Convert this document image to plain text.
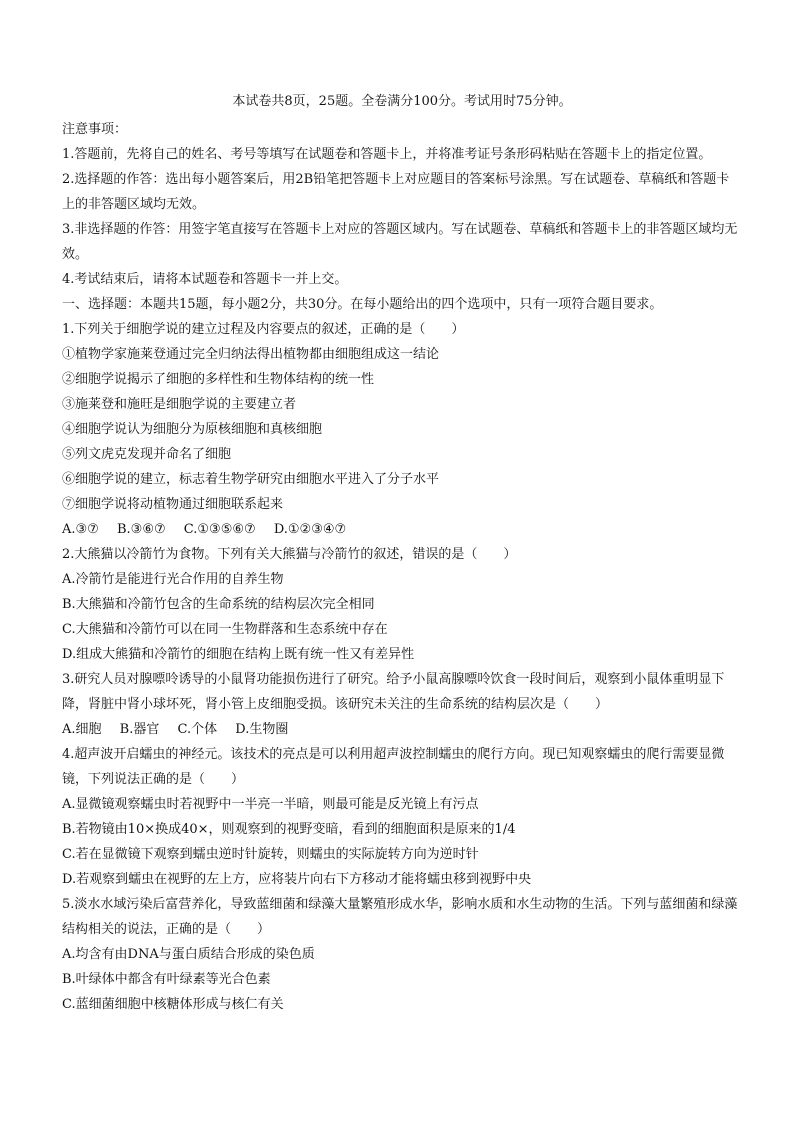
本试卷共8页，25题。全卷满分100分。考试用时75分钟。
注意事项：
1.答题前，先将自己的姓名、考号等填写在试题卷和答题卡上，并将准考证号条形码粘贴在答题卡上的指定位置。
2.选择题的作答：选出每小题答案后，用2B铅笔把答题卡上对应题目的答案标号涂黑。写在试题卷、草稿纸和答题卡上的非答题区域均无效。
3.非选择题的作答：用签字笔直接写在答题卡上对应的答题区域内。写在试题卷、草稿纸和答题卡上的非答题区域均无效。
4.考试结束后，请将本试题卷和答题卡一并上交。
一、选择题：本题共15题，每小题2分，共30分。在每小题给出的四个选项中，只有一项符合题目要求。
1.下列关于细胞学说的建立过程及内容要点的叙述，正确的是（　　）
①植物学家施莱登通过完全归纳法得出植物都由细胞组成这一结论
②细胞学说揭示了细胞的多样性和生物体结构的统一性
③施莱登和施旺是细胞学说的主要建立者
④细胞学说认为细胞分为原核细胞和真核细胞
⑤列文虎克发现并命名了细胞
⑥细胞学说的建立，标志着生物学研究由细胞水平进入了分子水平
⑦细胞学说将动植物通过细胞联系起来
A.③⑦ B.③⑥⑦ C.①③⑤⑥⑦ D.①②③④⑦
2.大熊猫以冷箭竹为食物。下列有关大熊猫与冷箭竹的叙述，错误的是（　　）
A.冷箭竹是能进行光合作用的自养生物
B.大熊猫和冷箭竹包含的生命系统的结构层次完全相同
C.大熊猫和冷箭竹可以在同一生物群落和生态系统中存在
D.组成大熊猫和冷箭竹的细胞在结构上既有统一性又有差异性
3.研究人员对腺嘌呤诱导的小鼠肾功能损伤进行了研究。给予小鼠高腺嘌呤饮食一段时间后，观察到小鼠体重明显下降，肾脏中肾小球坏死，肾小管上皮细胞受损。该研究未关注的生命系统的结构层次是（　　）
A.细胞 B.器官 C.个体 D.生物圈
4.超声波开启蠕虫的神经元。该技术的亮点是可以利用超声波控制蠕虫的爬行方向。现已知观察蠕虫的爬行需要显微镜，下列说法正确的是（　　）
A.显微镜观察蠕虫时若视野中一半亮一半暗，则最可能是反光镜上有污点
B.若物镜由10×换成40×，则观察到的视野变暗，看到的细胞面积是原来的1/4
C.若在显微镜下观察到蠕虫逆时针旋转，则蠕虫的实际旋转方向为逆时针
D.若观察到蠕虫在视野的左上方，应将装片向右下方移动才能将蠕虫移到视野中央
5.淡水水域污染后富营养化，导致蓝细菌和绿藻大量繁殖形成水华，影响水质和水生动物的生活。下列与蓝细菌和绿藻结构相关的说法，正确的是（　　）
A.均含有由DNA与蛋白质结合形成的染色质
B.叶绿体中都含有叶绿素等光合色素
C.蓝细菌细胞中核糖体形成与核仁有关
